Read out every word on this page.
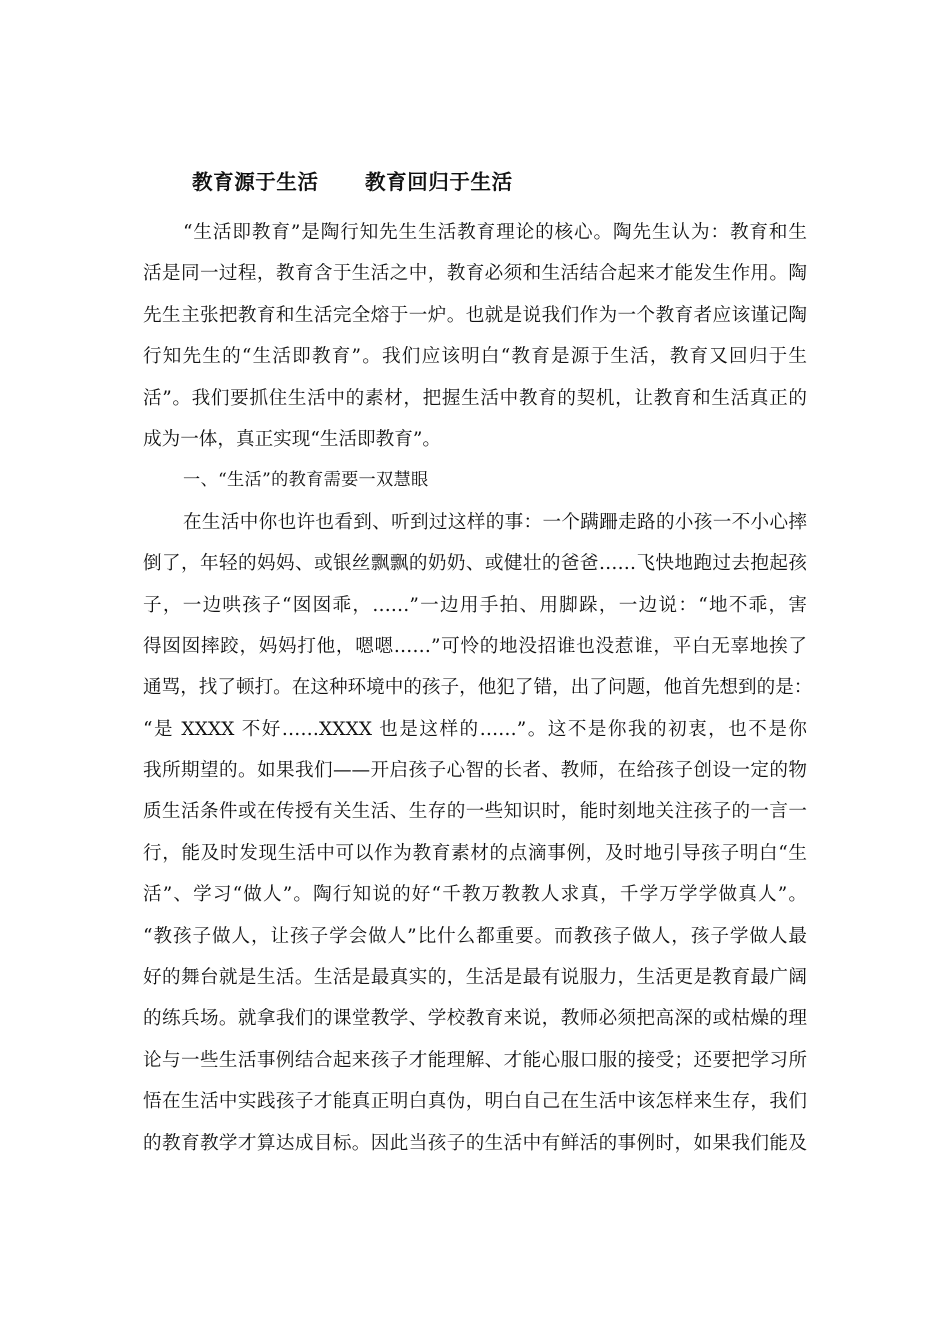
教育源于生活      教育回归于生活
“生活即教育”是陶行知先生生活教育理论的核心。陶先生认为：教育和生
活是同一过程，教育含于生活之中，教育必须和生活结合起来才能发生作用。陶
先生主张把教育和生活完全熔于一炉。也就是说我们作为一个教育者应该谨记陶
行知先生的“生活即教育”。我们应该明白“教育是源于生活，教育又回归于生
活”。我们要抓住生活中的素材，把握生活中教育的契机，让教育和生活真正的
成为一体，真正实现“生活即教育”。
一、“生活”的教育需要一双慧眼
在生活中你也许也看到、听到过这样的事：一个蹒跚走路的小孩一不小心摔
倒了，年轻的妈妈、或银丝飘飘的奶奶、或健壮的爸爸……飞快地跑过去抱起孩
子，一边哄孩子“囡囡乖，……”一边用手拍、用脚跺，一边说：“地不乖，害
得囡囡摔跤，妈妈打他，嗯嗯……”可怜的地没招谁也没惹谁，平白无辜地挨了
通骂，找了顿打。在这种环境中的孩子，他犯了错，出了问题，他首先想到的是：
“是 XXXX 不好……XXXX 也是这样的……”。这不是你我的初衷，也不是你
我所期望的。如果我们——开启孩子心智的长者、教师，在给孩子创设一定的物
质生活条件或在传授有关生活、生存的一些知识时，能时刻地关注孩子的一言一
行，能及时发现生活中可以作为教育素材的点滴事例，及时地引导孩子明白“生
活”、学习“做人”。陶行知说的好“千教万教教人求真，千学万学学做真人”。
“教孩子做人，让孩子学会做人”比什么都重要。而教孩子做人，孩子学做人最
好的舞台就是生活。生活是最真实的，生活是最有说服力，生活更是教育最广阔
的练兵场。就拿我们的课堂教学、学校教育来说，教师必须把高深的或枯燥的理
论与一些生活事例结合起来孩子才能理解、才能心服口服的接受；还要把学习所
悟在生活中实践孩子才能真正明白真伪，明白自己在生活中该怎样来生存，我们
的教育教学才算达成目标。因此当孩子的生活中有鲜活的事例时，如果我们能及
